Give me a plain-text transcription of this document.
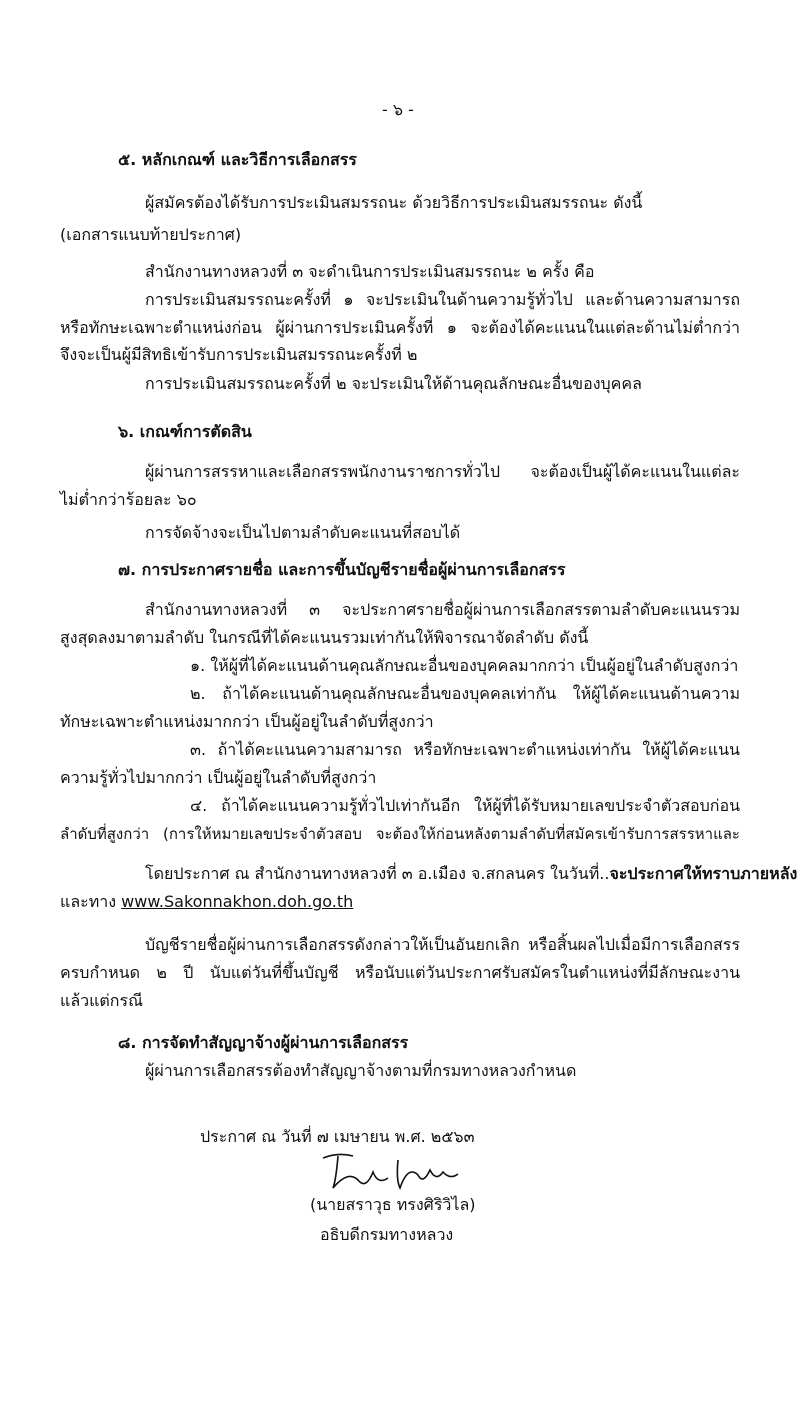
- ๖ -
๕. หลักเกณฑ์ และวิธีการเลือกสรร
ผู้สมัครต้องได้รับการประเมินสมรรถนะ ด้วยวิธีการประเมินสมรรถนะ ดังนี้
(เอกสารแนบท้ายประกาศ)
สำนักงานทางหลวงที่ ๓ จะดำเนินการประเมินสมรรถนะ ๒ ครั้ง คือ
การประเมินสมรรถนะครั้งที่ ๑ จะประเมินในด้านความรู้ทั่วไป และด้านความสามารถ
หรือทักษะเฉพาะตำแหน่งก่อน ผู้ผ่านการประเมินครั้งที่ ๑ จะต้องได้คะแนนในแต่ละด้านไม่ต่ำกว่า
จึงจะเป็นผู้มีสิทธิเข้ารับการประเมินสมรรถนะครั้งที่ ๒
การประเมินสมรรถนะครั้งที่ ๒ จะประเมินให้ด้านคุณลักษณะอื่นของบุคคล
๖. เกณฑ์การตัดสิน
ผู้ผ่านการสรรหาและเลือกสรรพนักงานราชการทั่วไป จะต้องเป็นผู้ได้คะแนนในแต่ละ
ไม่ต่ำกว่าร้อยละ ๖๐
การจัดจ้างจะเป็นไปตามลำดับคะแนนที่สอบได้
๗. การประกาศรายชื่อ และการขึ้นบัญชีรายชื่อผู้ผ่านการเลือกสรร
สำนักงานทางหลวงที่ ๓ จะประกาศรายชื่อผู้ผ่านการเลือกสรรตามลำดับคะแนนรวม
สูงสุดลงมาตามลำดับ ในกรณีที่ได้คะแนนรวมเท่ากันให้พิจารณาจัดลำดับ ดังนี้
๑. ให้ผู้ที่ได้คะแนนด้านคุณลักษณะอื่นของบุคคลมากกว่า เป็นผู้อยู่ในลำดับสูงกว่า
๒. ถ้าได้คะแนนด้านคุณลักษณะอื่นของบุคคลเท่ากัน ให้ผู้ได้คะแนนด้านความ
ทักษะเฉพาะตำแหน่งมากกว่า เป็นผู้อยู่ในลำดับที่สูงกว่า
๓. ถ้าได้คะแนนความสามารถ หรือทักษะเฉพาะตำแหน่งเท่ากัน ให้ผู้ได้คะแนน
ความรู้ทั่วไปมากกว่า เป็นผู้อยู่ในลำดับที่สูงกว่า
๔. ถ้าได้คะแนนความรู้ทั่วไปเท่ากันอีก ให้ผู้ที่ได้รับหมายเลขประจำตัวสอบก่อน
ลำดับที่สูงกว่า (การให้หมายเลขประจำตัวสอบ จะต้องให้ก่อนหลังตามลำดับที่สมัครเข้ารับการสรรหาและ
โดยประกาศ ณ สำนักงานทางหลวงที่ ๓ อ.เมือง จ.สกลนคร ในวันที่..จะประกาศให้ทราบภายหลัง
และทาง www.Sakonnakhon.doh.go.th
บัญชีรายชื่อผู้ผ่านการเลือกสรรดังกล่าวให้เป็นอันยกเลิก หรือสิ้นผลไปเมื่อมีการเลือกสรร
ครบกำหนด ๒ ปี นับแต่วันที่ขึ้นบัญชี หรือนับแต่วันประกาศรับสมัครในตำแหน่งที่มีลักษณะงาน
แล้วแต่กรณี
๘. การจัดทำสัญญาจ้างผู้ผ่านการเลือกสรร
ผู้ผ่านการเลือกสรรต้องทำสัญญาจ้างตามที่กรมทางหลวงกำหนด
ประกาศ ณ วันที่ ๗ เมษายน พ.ศ. ๒๕๖๓
(นายสราวุธ ทรงศิริวิไล)
อธิบดีกรมทางหลวง
